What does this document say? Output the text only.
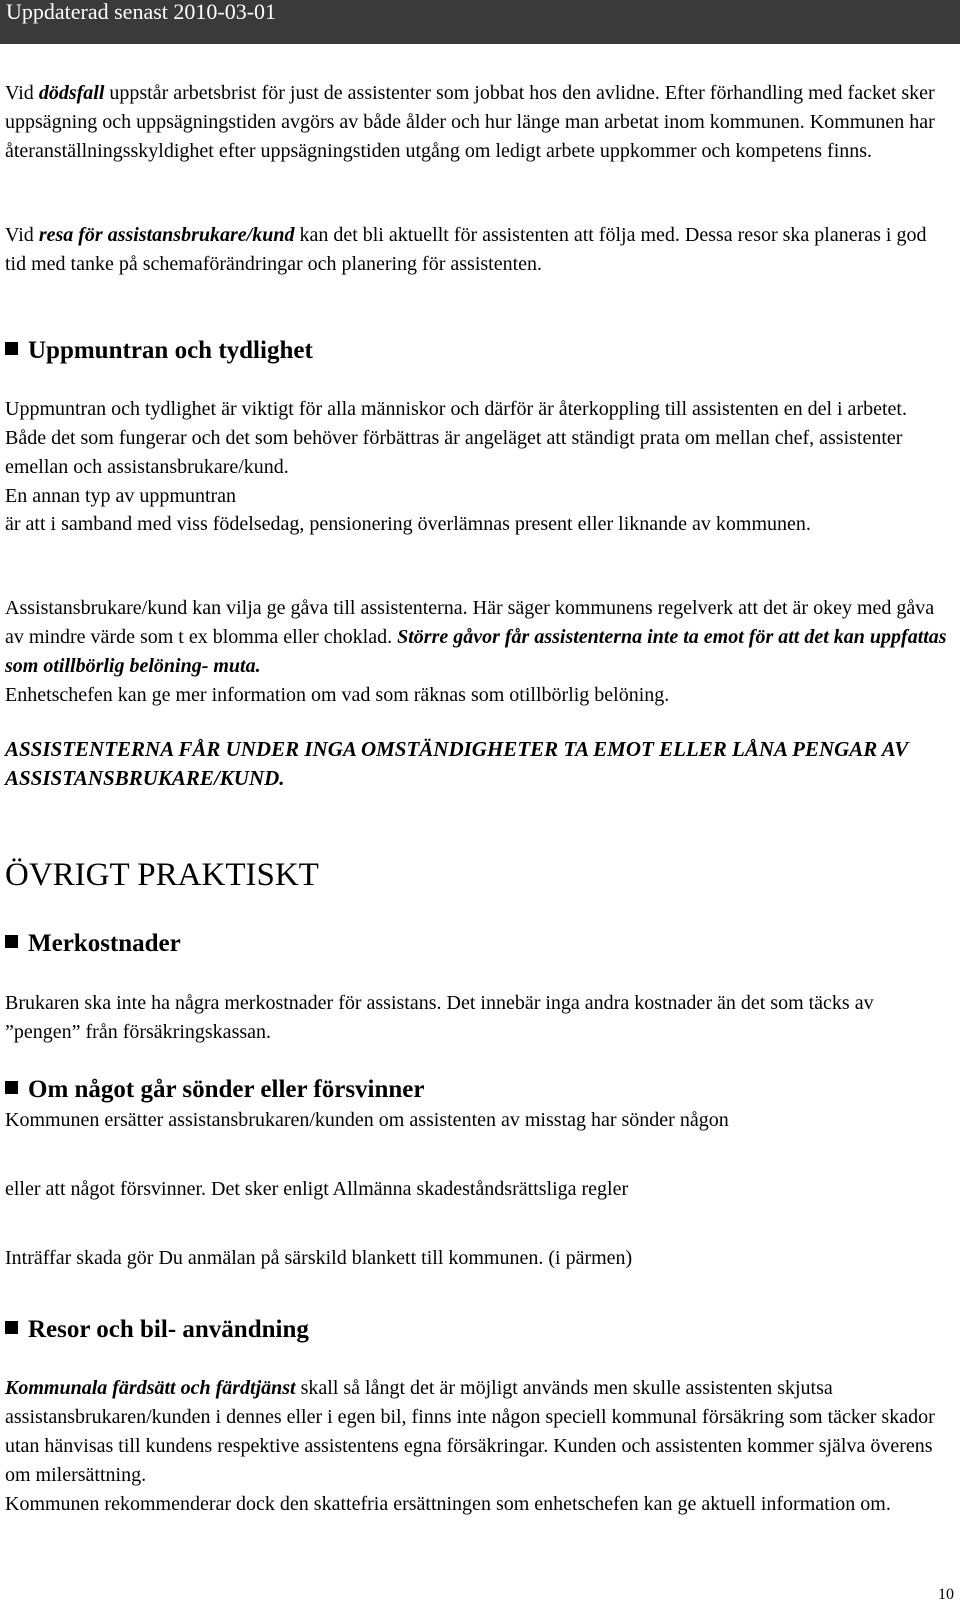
Uppdaterad senast 2010-03-01

Vid dödsfall uppstår arbetsbrist för just de assistenter som jobbat hos den avlidne. Efter förhandling med facket sker uppsägning och uppsägningstiden avgörs av både ålder och hur länge man arbetat inom kommunen. Kommunen har återanställningsskyldighet efter uppsägningstiden utgång om ledigt arbete uppkommer och kompetens finns.

Vid resa för assistansbrukare/kund kan det bli aktuellt för assistenten att följa med. Dessa resor ska planeras i god tid med tanke på schemaförändringar och planering för assistenten.

Uppmuntran och tydlighet

Uppmuntran och tydlighet är viktigt för alla människor och därför är återkoppling till assistenten en del i arbetet. Både det som fungerar och det som behöver förbättras är angeläget att ständigt prata om mellan chef, assistenter emellan och assistansbrukare/kund.

En annan typ av uppmuntran

är att i samband med viss födelsedag, pensionering överlämnas present eller liknande av kommunen.

Assistansbrukare/kund kan vilja ge gåva till assistenterna. Här säger kommunens regelverk att det är okey med gåva av mindre värde som t ex blomma eller choklad. Större gåvor får assistenterna inte ta emot för att det kan uppfattas som otillbörlig belöning- muta.
Enhetschefen kan ge mer information om vad som räknas som otillbörlig belöning.

ASSISTENTERNA FÅR UNDER INGA OMSTÄNDIGHETER TA EMOT ELLER LÅNA PENGAR AV ASSISTANSBRUKARE/KUND.

ÖVRIGT PRAKTISKT
Merkostnader

Brukaren ska inte ha några merkostnader för assistans. Det innebär inga andra kostnader än det som täcks av ”pengen” från försäkringskassan.

Om något går sönder eller försvinner

Kommunen ersätter assistansbrukaren/kunden om assistenten av misstag har sönder någon

eller att något försvinner. Det sker enligt Allmänna skadeståndsrättsliga regler

Inträffar skada gör Du anmälan på särskild blankett till kommunen. (i pärmen)

Resor och bil- användning

Kommunala färdsätt och färdtjänst skall så långt det är möjligt används men skulle assistenten skjutsa assistansbrukaren/kunden i dennes eller i egen bil, finns inte någon speciell kommunal försäkring som täcker skador utan hänvisas till kundens respektive assistentens egna försäkringar. Kunden och assistenten kommer själva överens om milersättning.
Kommunen rekommenderar dock den skattefria ersättningen som enhetschefen kan ge aktuell information om.

10
